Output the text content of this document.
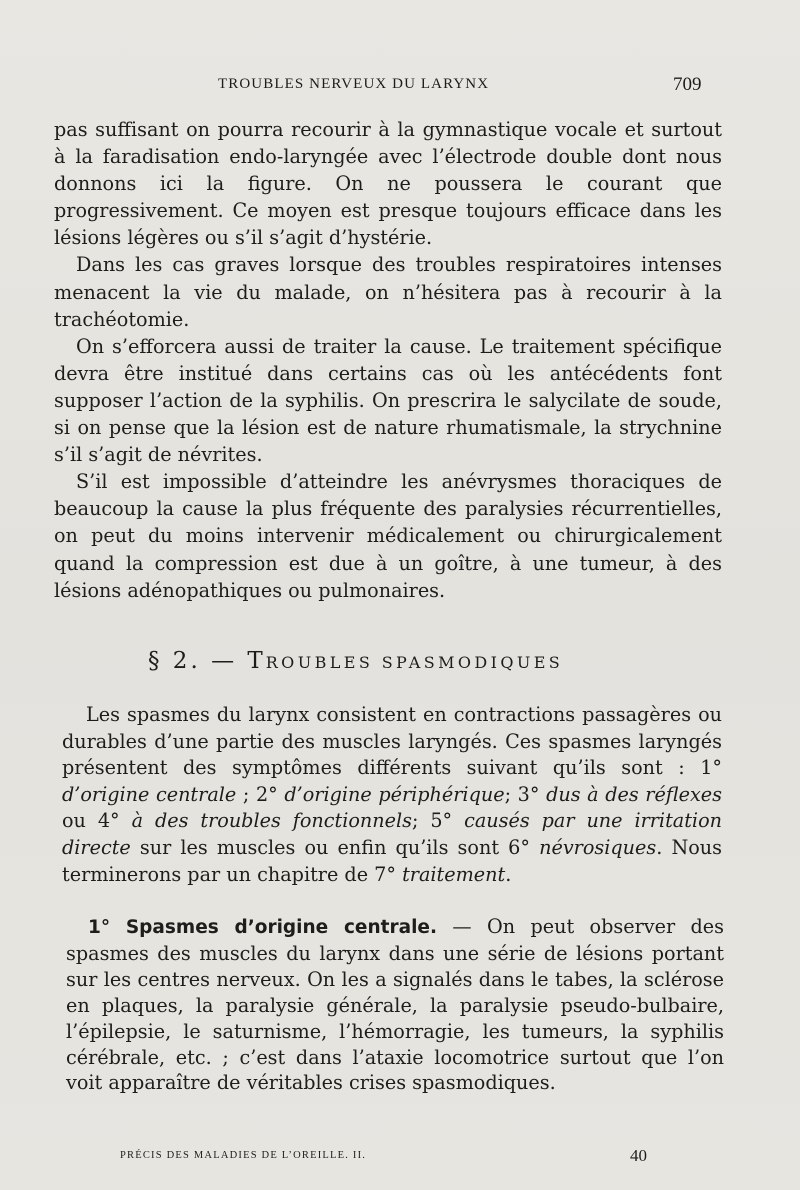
TROUBLES NERVEUX DU LARYNX	709

pas suffisant on pourra recourir à la gymnastique vocale et surtout à la faradisation endo-laryngée avec l’électrode double dont nous donnons ici la figure. On ne poussera le courant que progressivement. Ce moyen est presque toujours efficace dans les lésions légères ou s’il s’agit d’hystérie.

Dans les cas graves lorsque des troubles respiratoires intenses menacent la vie du malade, on n’hésitera pas à recourir à la trachéotomie.

On s’efforcera aussi de traiter la cause. Le traitement spécifique devra être institué dans certains cas où les antécédents font supposer l’action de la syphilis. On prescrira le salycilate de soude, si on pense que la lésion est de nature rhumatismale, la strychnine s’il s’agit de névrites.

S’il est impossible d’atteindre les anévrysmes thoraciques de beaucoup la cause la plus fréquente des paralysies récurrentielles, on peut du moins intervenir médicalement ou chirurgicalement quand la compression est due à un goître, à une tumeur, à des lésions adénopathiques ou pulmonaires.

§ 2. — TROUBLES SPASMODIQUES

Les spasmes du larynx consistent en contractions passagères ou durables d’une partie des muscles laryngés. Ces spasmes laryngés présentent des symptômes différents suivant qu’ils sont : 1° d’origine centrale ; 2° d’origine périphérique; 3° dus à des réflexes ou 4° à des troubles fonctionnels; 5° causés par une irritation directe sur les muscles ou enfin qu’ils sont 6° névrosiques. Nous terminerons par un chapitre de 7° traitement.

1° Spasmes d’origine centrale. — On peut observer des spasmes des muscles du larynx dans une série de lésions portant sur les centres nerveux. On les a signalés dans le tabes, la sclérose en plaques, la paralysie générale, la paralysie pseudo-bulbaire, l’épilepsie, le saturnisme, l’hémorragie, les tumeurs, la syphilis cérébrale, etc. ; c’est dans l’ataxie locomotrice surtout que l’on voit apparaître de véritables crises spasmodiques.

PRÉCIS DES MALADIES DE L’OREILLE. II.	40
